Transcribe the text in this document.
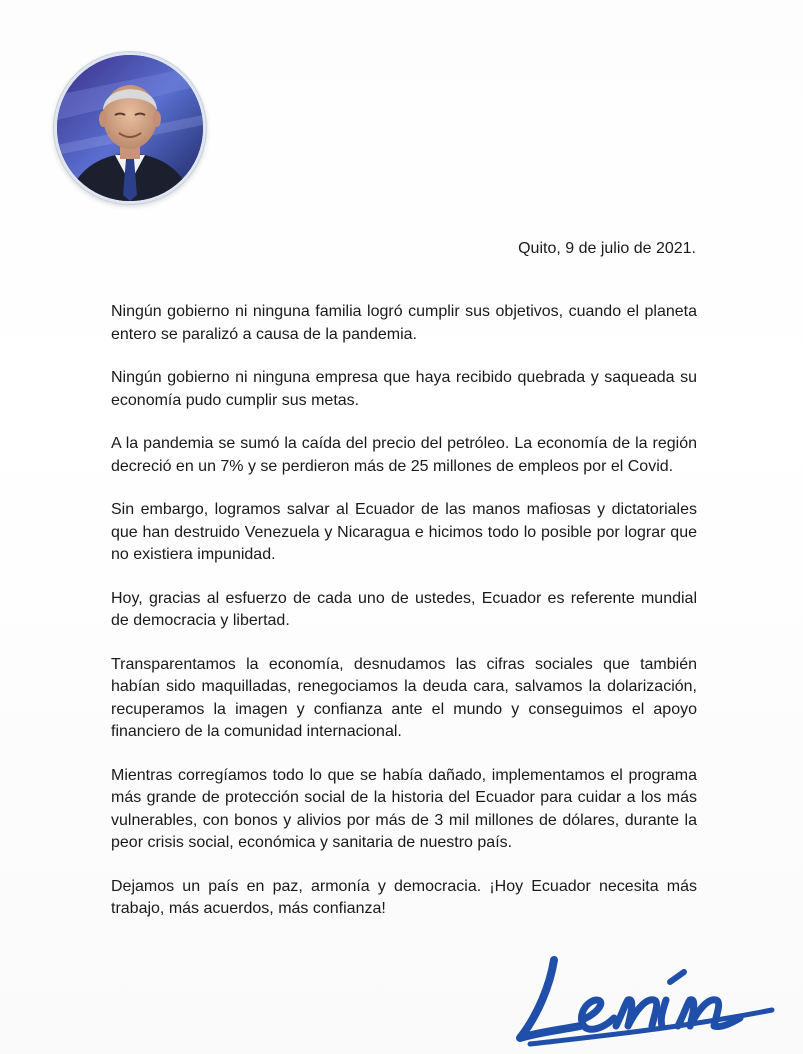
Quito, 9 de julio de 2021.

Ningún gobierno ni ninguna familia logró cumplir sus objetivos, cuando el planeta entero se paralizó a causa de la pandemia.

Ningún gobierno ni ninguna empresa que haya recibido quebrada y saqueada su economía pudo cumplir sus metas.

A la pandemia se sumó la caída del precio del petróleo. La economía de la región decreció en un 7% y se perdieron más de 25 millones de empleos por el Covid.

Sin embargo, logramos salvar al Ecuador de las manos mafiosas y dictatoriales que han destruido Venezuela y Nicaragua e hicimos todo lo posible por lograr que no existiera impunidad.

Hoy, gracias al esfuerzo de cada uno de ustedes, Ecuador es referente mundial de democracia y libertad.

Transparentamos la economía, desnudamos las cifras sociales que también habían sido maquilladas, renegociamos la deuda cara, salvamos la dolarización, recuperamos la imagen y confianza ante el mundo y conseguimos el apoyo financiero de la comunidad internacional.

Mientras corregíamos todo lo que se había dañado, implementamos el programa más grande de protección social de la historia del Ecuador para cuidar a los más vulnerables, con bonos y alivios por más de 3 mil millones de dólares, durante la peor crisis social, económica y sanitaria de nuestro país.

Dejamos un país en paz, armonía y democracia. ¡Hoy Ecuador necesita más trabajo, más acuerdos, más confianza!
